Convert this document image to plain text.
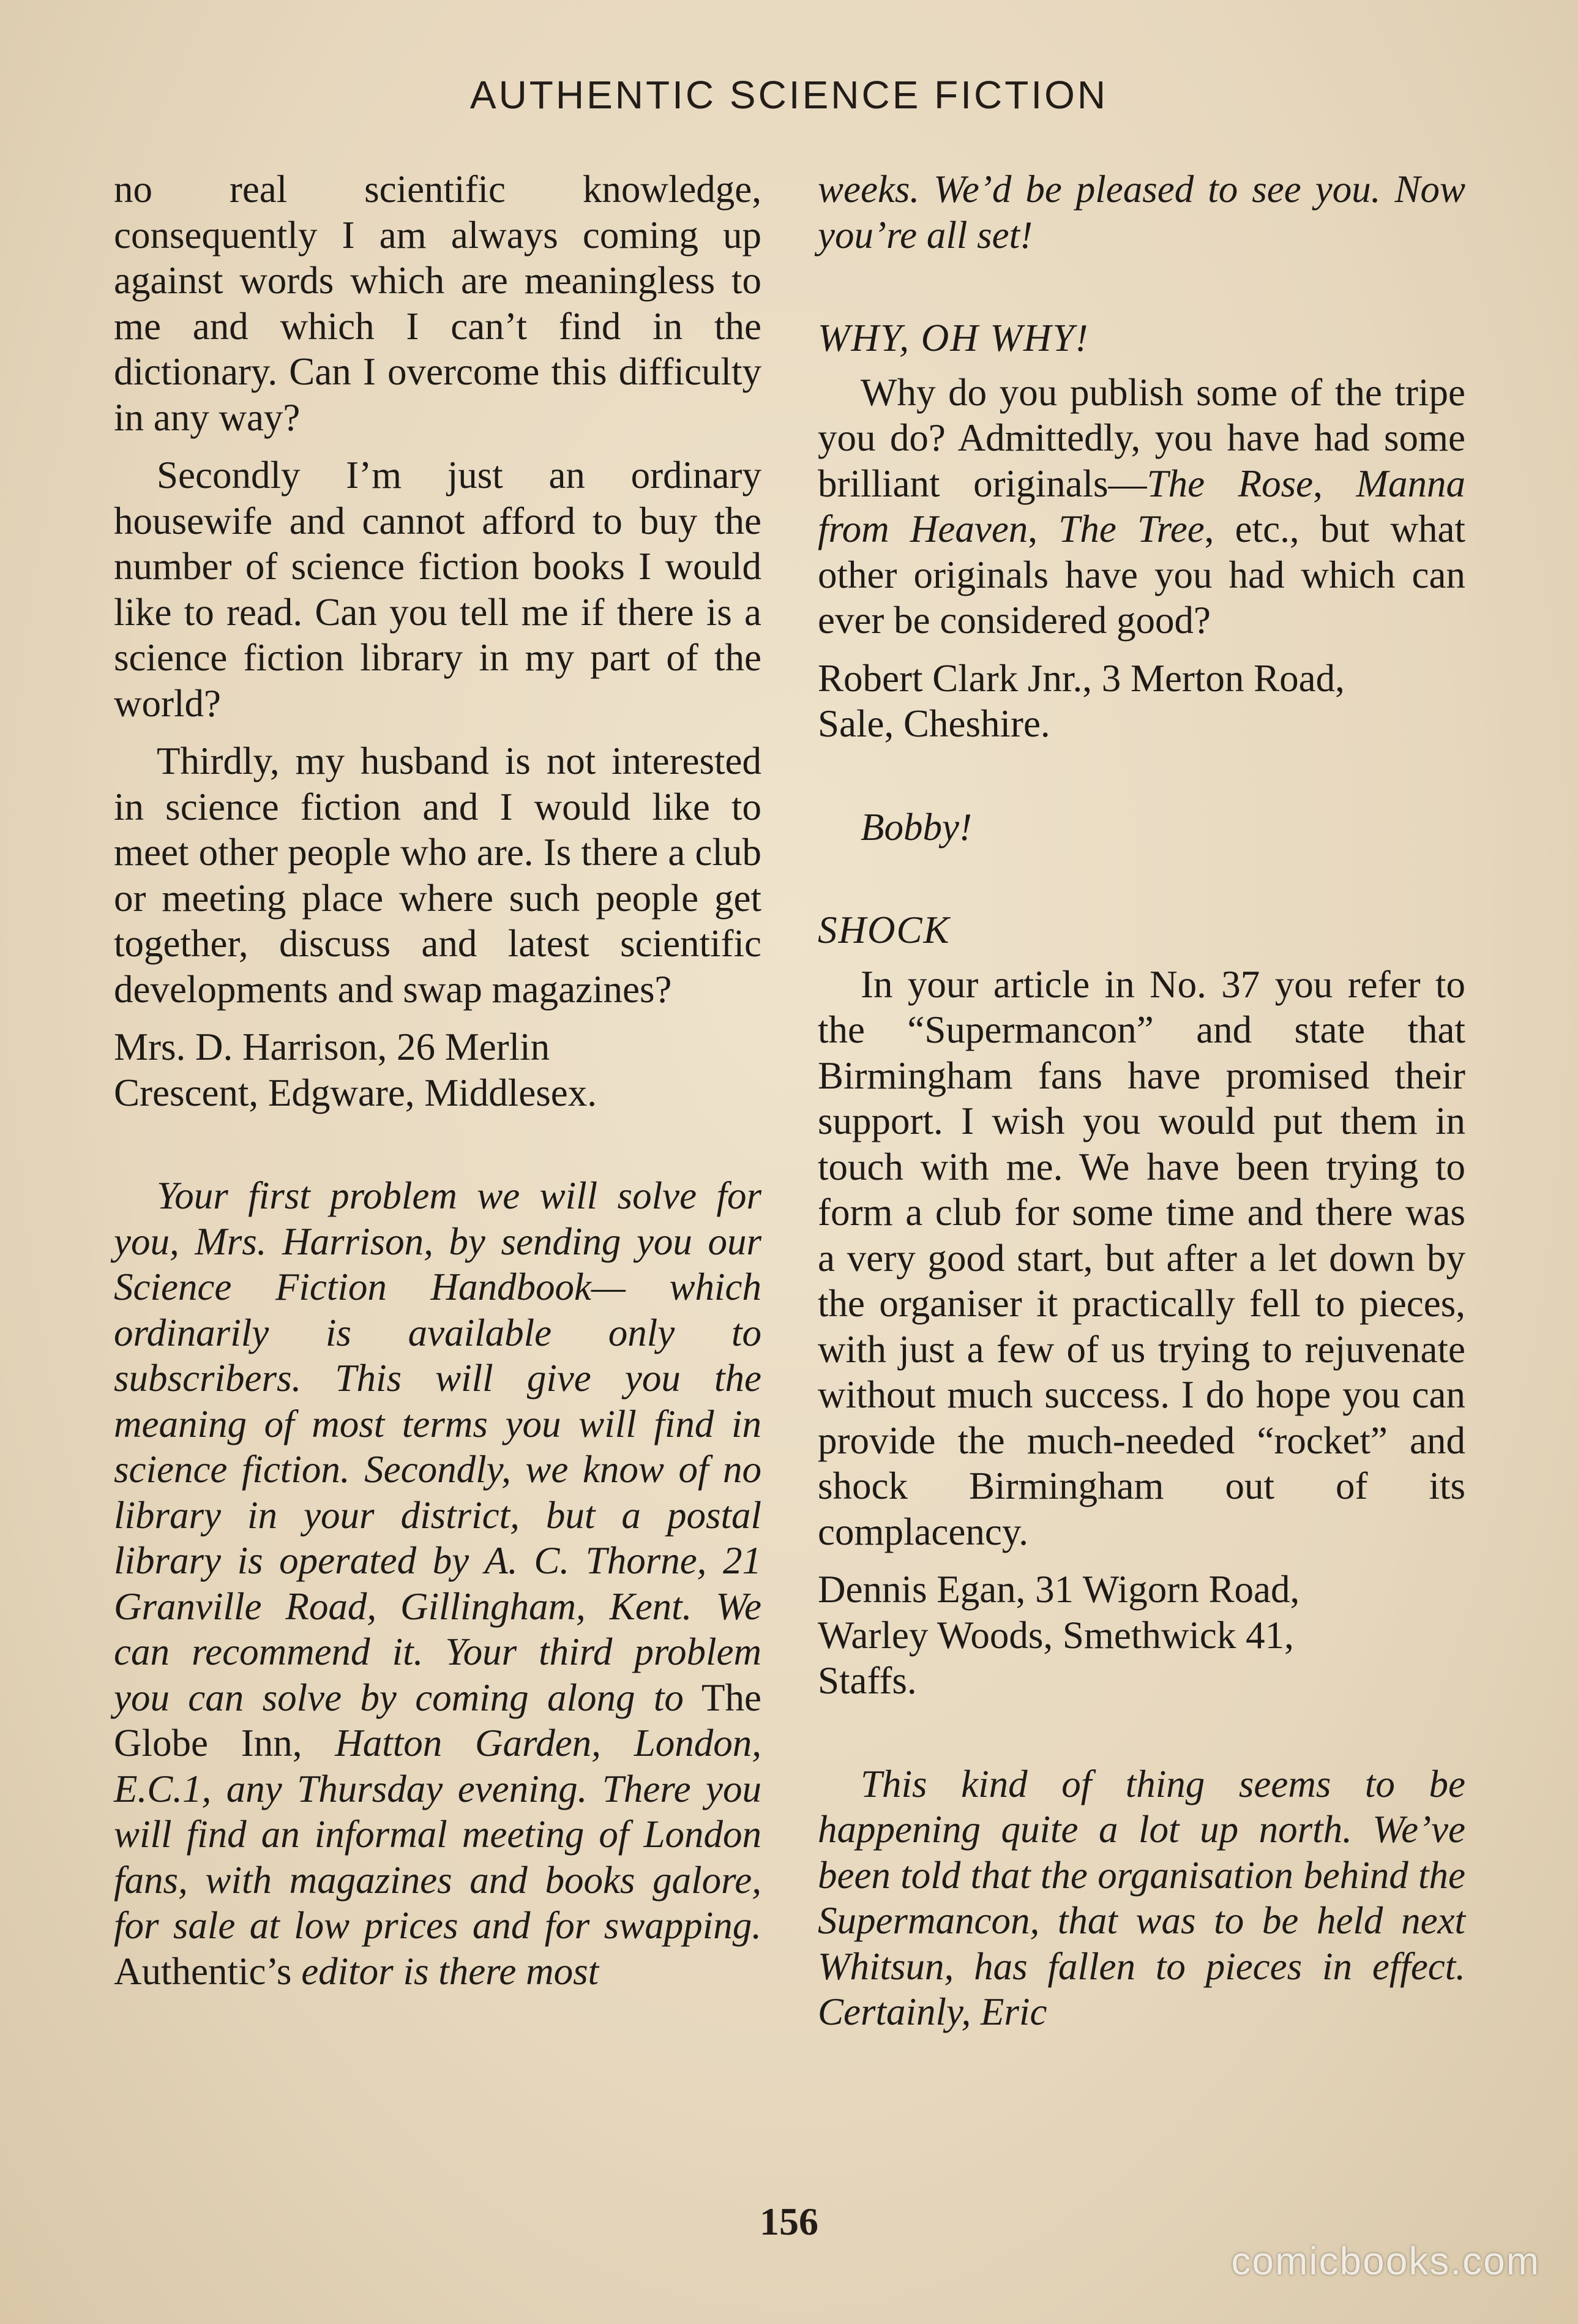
AUTHENTIC SCIENCE FICTION

no real scientific knowledge, consequently I am always coming up against words which are meaningless to me and which I can’t find in the dictionary. Can I overcome this difficulty in any way?

Secondly I’m just an ordinary housewife and cannot afford to buy the number of science fiction books I would like to read. Can you tell me if there is a science fiction library in my part of the world?

Thirdly, my husband is not interested in science fiction and I would like to meet other people who are. Is there a club or meeting place where such people get together, discuss and latest scientific developments and swap magazines?

Mrs. D. Harrison, 26 Merlin
Crescent, Edgware, Middlesex.

Your first problem we will solve for you, Mrs. Harrison, by sending you our Science Fiction Handbook— which ordinarily is available only to subscribers. This will give you the meaning of most terms you will find in science fiction. Secondly, we know of no library in your district, but a postal library is operated by A. C. Thorne, 21 Granville Road, Gillingham, Kent. We can recommend it. Your third problem you can solve by coming along to The Globe Inn, Hatton Garden, London, E.C.1, any Thursday evening. There you will find an informal meeting of London fans, with magazines and books galore, for sale at low prices and for swapping. Authentic’s editor is there most

weeks. We’d be pleased to see you. Now you’re all set!

WHY, OH WHY!

Why do you publish some of the tripe you do? Admittedly, you have had some brilliant originals—The Rose, Manna from Heaven, The Tree, etc., but what other originals have you had which can ever be considered good?

Robert Clark Jnr., 3 Merton Road,
Sale, Cheshire.

Bobby!

SHOCK

In your article in No. 37 you refer to the “Supermancon” and state that Birmingham fans have promised their support. I wish you would put them in touch with me. We have been trying to form a club for some time and there was a very good start, but after a let down by the organiser it practically fell to pieces, with just a few of us trying to rejuvenate without much success. I do hope you can provide the much-needed “rocket” and shock Birmingham out of its complacency.

Dennis Egan, 31 Wigorn Road,
Warley Woods, Smethwick 41,
Staffs.

This kind of thing seems to be happening quite a lot up north. We’ve been told that the organisation behind the Supermancon, that was to be held next Whitsun, has fallen to pieces in effect. Certainly, Eric

156
comicbooks.com
